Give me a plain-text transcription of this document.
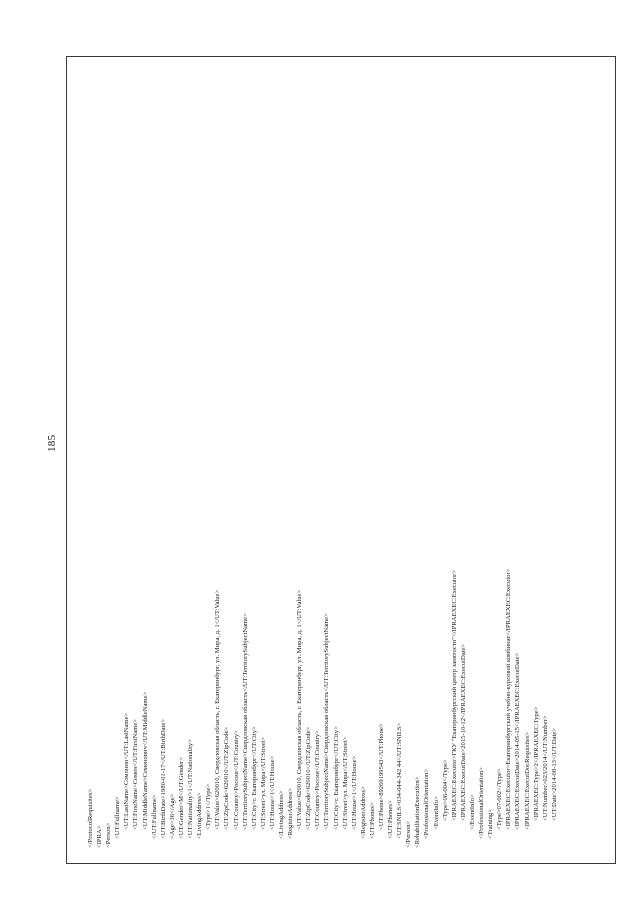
185
</ProtocolRequisites> <IPRA> <Person> <UT:Fullname> <UT:LastName>Сомонин</UT:LastName> <UT:FirstName>Семен</UT:FirstName> <UT:MiddleName>Семенович</UT:MiddleName> </UT:Fullname> <UT:BirthDate>1980-01-17</UT:BirthDate> <Age>36</Age> <UT:Gender>M</UT:Gender> <UT:Nationality>1</UT:Nationality> <LivingAddress> <Type>1</Type> <UT:Value>620010, Свердловская область, г. Екатеринбург, ул. Мира, д. 1</UT:Value> <UT:ZipCode>620010</UT:ZipCode> <UT:Country>Россия</UT:Country> <UT:TerritorySubjectName>Свердловская область</UT:TerritorySubjectName> <UT:City>г. Екатеринбург</UT:City> <UT:Street>ул. Мира</UT:Street> <UT:House>1</UT:House> </LivingAddress> <RegisterAddress> <UT:Value>620010, Свердловская область, г. Екатеринбург, ул. Мира, д. 1</UT:Value> <UT:ZipCode>620010</UT:ZipCode> <UT:Country>Россия</UT:Country> <UT:TerritorySubjectName>Свердловская область</UT:TerritorySubjectName> <UT:City>г. Екатеринбург</UT:City> <UT:Street>ул. Мира</UT:Street> <UT:House>1</UT:House> </RegisterAddress> <UT:Phones> <UT:Phone>89269199543</UT:Phone> </UT:Phones> <UT:SNILS>034-044-342 44</UT:SNILS> </Person> <RehabilitationExecution> <ProfessionalOrientation> <EventInfo> <Type>06-004</Type> <IPRAEXEC:Executor>ГКУ "Екатеринбургский центр занятости"</IPRAEXEC:Executor> <IPRAEXEC:ExecutDate>2015-10-12</IPRAEXEC:ExecutDate> </EventInfo> </ProfessionalOrientation> <Training> <Type>07-002</Type> <IPRAEXEC:Executor>Екатеринбургский учебно-курсовой комбинат</IPRAEXEC:Executor> <IPRAEXEC:ExecutDate>2014-05-15</IPRAEXEC:ExecutDate> <IPRAEXEC:ExecutDocRequisites> <IPRAEXEC:Type>2</IPRAEXEC:Type> <UT:Number>023/2014</UT:Number> <UT:Date>2014-08-13</UT:Date>
